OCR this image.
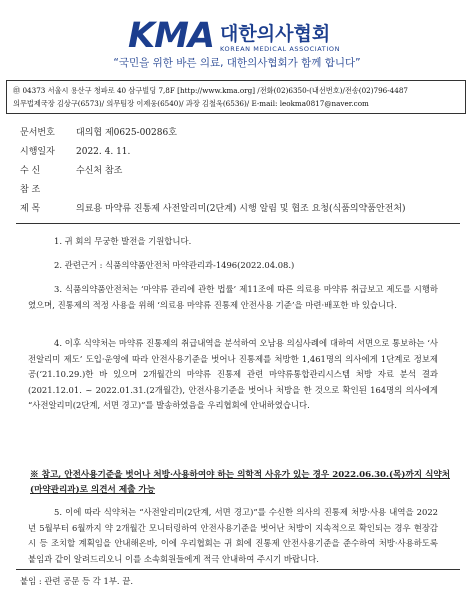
KMA 대한의사협회
KOREAN MEDICAL ASSOCIATION
“국민을 위한 바른 의료, 대한의사협회가 함께 합니다”
㊞ 04373 서울시 용산구 청파로 40 삼구빌딩 7,8F [http://www.kma.org] /전화(02)6350-(내선번호)/전송(02)796-4487
의무법제국장 김상구(6573)/ 의무팀장 이제웅(6540)/ 과장 김철욱(6536)/ E-mail: leokma0817@naver.com
문서번호	대의협 제0625-00286호
시행일자	2022. 4. 11.
수 신	수신처 참조
참 조
제 목	의료용 마약류 진통제 사전알리미(2단계) 시행 알림 및 협조 요청(식품의약품안전처)
1. 귀 회의 무궁한 발전을 기원합니다.
2. 관련근거 : 식품의약품안전처 마약관리과-1496(2022.04.08.)
3. 식품의약품안전처는 ‘마약류 관리에 관한 법률’ 제11조에 따른 의료용 마약류 취급보고 제도를 시행하였으며, 진통제의 적정 사용을 위해 ‘의료용 마약류 진통제 안전사용 기준’을 마련·배포한 바 있습니다.
4. 이후 식약처는 마약류 진통제의 취급내역을 분석하여 오남용 의심사례에 대하여 서면으로 통보하는 ‘사전알리미 제도’ 도입·운영에 따라 안전사용기준을 벗어나 진통제를 처방한 1,461명의 의사에게 1단계로 정보제공(‘21.10.29.)한 바 있으며 2개월간의 마약류 진통제 관련 마약류통합관리시스템 처방 자료 분석 결과(2021.12.01. ~ 2022.01.31.(2개월간), 안전사용기준을 벗어나 처방을 한 것으로 확인된 164명의 의사에게 “사전알리미(2단계, 서면 경고)”를 발송하였음을 우리협회에 안내하였습니다.
※ 참고, 안전사용기준을 벗어나 처방·사용하여야 하는 의학적 사유가 있는 경우 2022.06.30.(목)까지 식약처(마약관리과)로 의견서 제출 가능
5. 이에 따라 식약처는 “사전알리미(2단계, 서면 경고)”를 수신한 의사의 진통제 처방·사용 내역을 2022년 5월부터 6월까지 약 2개월간 모니터링하여 안전사용기준을 벗어난 처방이 지속적으로 확인되는 경우 현장감시 등 조치할 계획임을 안내해온바, 이에 우리협회는 귀 회에 진통제 안전사용기준을 준수하여 처방·사용하도록 붙임과 같이 알려드리오니 이를 소속회원들에게 적극 안내하여 주시기 바랍니다.
붙임 : 관련 공문 등 각 1부. 끝.
